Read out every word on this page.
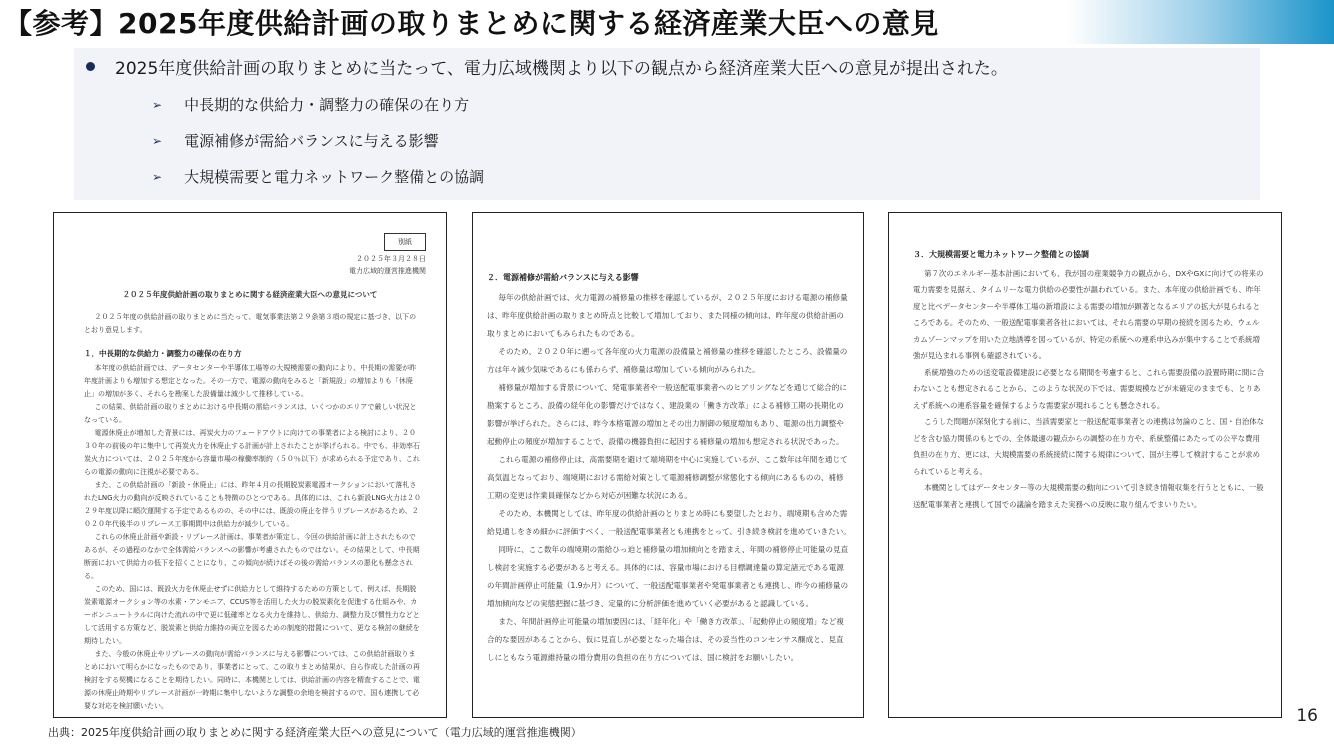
【参考】2025年度供給計画の取りまとめに関する経済産業大臣への意見
2025年度供給計画の取りまとめに当たって、電力広域機関より以下の観点から経済産業大臣への意見が提出された。
➢ 中長期的な供給力・調整力の確保の在り方
➢ 電源補修が需給バランスに与える影響
➢ 大規模需要と電力ネットワーク整備との協調
別紙
２０２５年３月２８日
電力広域的運営推進機関
２０２５年度供給計画の取りまとめに関する経済産業大臣への意見について

２０２５年度の供給計画の取りまとめに当たって、電気事業法第２９条第３項の規定に基づき、以下のとおり意見します。

１．中長期的な供給力・調整力の確保の在り方

本年度の供給計画では、データセンターや半導体工場等の大規模需要の動向により、中長期の需要が昨年度計画よりも増加する想定となった。その一方で、電源の動向をみると「新規設」の増加よりも「休廃止」の増加が多く、それらを勘案した設備量は減少して推移している。

この結果、供給計画の取りまとめにおける中長期の需給バランスは、いくつかのエリアで厳しい状況となっている。

電源休廃止が増加した背景には、再炭火力のフェードアウトに向けての事業者による検討により、２０３０年の前後の年に集中して再炭火力を休廃止する計画が計上されたことが挙げられる。中でも、非効率石炭火力については、２０２５年度から容量市場の稼働率制約（５０％以下）が求められる予定であり、これらの電源の動向に注視が必要である。

また、この供給計画の「新設・休廃止」には、昨年４月の長期脱炭素電源オークションにおいて落札されたLNG火力の動向が反映されていることも特徴のひとつである。具体的には、これら新設LNG火力は２０２９年度以降に順次運開する予定であるものの、その中には、既設の廃止を伴うリプレースがあるため、２０２０年代後半のリプレース工事期間中は供給力が減少している。

これらの休廃止計画や新設・リプレース計画は、事業者が策定し、今回の供給計画に計上されたものであるが、その過程のなかで全体需給バランスへの影響が考慮されたものではない。その結果として、中長期断面において供給力の低下を招くことになり、この傾向が続けばその後の需給バランスの悪化も懸念される。

このため、国には、既設火力を休廃止せずに供給力として維持するための方策として、例えば、長期脱炭素電源オークション等の水素・アンモニア、CCUS等を活用した火力の脱炭素化を促進する仕組みや、カーボンニュートラルに向けた流れの中で更に低確率となる火力を維持し、供給力、調整力及び慣性力などとして活用する方策など、脱炭素と供給力維持の両立を図るための制度的措置について、更なる検討の継続を期待したい。

また、今般の休廃止やリプレースの動向が需給バランスに与える影響については、この供給計画取りまとめにおいて明らかになったものであり、事業者にとって、この取りまとめ結果が、自ら作成した計画の再検討をする契機になることを期待したい。同時に、本機関としては、供給計画の内容を精査することで、電源の休廃止時期やリプレース計画が一時期に集中しないような調整の余地を検討するので、国も連携して必要な対応を検討願いたい。

２．電源補修が需給バランスに与える影響

毎年の供給計画では、火力電源の補修量の推移を確認しているが、２０２５年度における電源の補修量は、昨年度供給計画の取りまとめ時点と比較して増加しており、また同様の傾向は、昨年度の供給計画の取りまとめにおいてもみられたものである。

そのため、２０２０年に遡って各年度の火力電源の設備量と補修量の推移を確認したところ、設備量の方は年々減少気味であるにも係わらず、補修量は増加している傾向がみられた。

補修量が増加する背景について、発電事業者や一般送配電事業者へのヒアリングなどを通じて総合的に勘案するところ、設備の経年化の影響だけではなく、建設業の「働き方改革」による補修工期の長期化の影響が挙げられた。さらには、昨今本格電源の増加とその出力制御の頻度増加もあり、電源の出力調整や起動停止の頻度が増加することで、設備の機器負担に起因する補修量の増加も想定される状況であった。

これら電源の補修停止は、高需要期を避けて端境期を中心に実施しているが、ここ数年は年間を通じて高気温となっており、端境期における需給対策として電源補修調整が常態化する傾向にあるものの、補修工期の変更は作業員確保などから対応が困難な状況にある。

そのため、本機関としては、昨年度の供給計画のとりまとめ時にも要望したとおり、端境期も含めた需給見通しをきめ細かに評価すべく、一般送配電事業者とも連携をとって、引き続き検討を進めていきたい。

同時に、ここ数年の端境期の需給ひっ迫と補修量の増加傾向とを踏まえ、年間の補修停止可能量の見直し検討を実施する必要があると考える。具体的には、容量市場における目標調達量の算定諸元である電源の年間計画停止可能量（1.9か月）について、一般送配電事業者や発電事業者とも連携し、昨今の補修量の増加傾向などの実態把握に基づき、定量的に分析評価を進めていく必要があると認識している。

また、年間計画停止可能量の増加要因には、「経年化」や「働き方改革」、「起動停止の頻度増」など複合的な要因があることから、仮に見直しが必要となった場合は、その妥当性のコンセンサス醸成と、見直しにともなう電源維持量の増分費用の負担の在り方については、国に検討をお願いしたい。

３．大規模需要と電力ネットワーク整備との協調

第７次のエネルギー基本計画においても、我が国の産業競争力の観点から、DXやGXに向けての将来の電力需要を見据え、タイムリーな電力供給の必要性が謳われている。また、本年度の供給計画でも、昨年度と比べデータセンターや半導体工場の新増設による需要の増加が顕著となるエリアの拡大が見られるところである。そのため、一般送配電事業者各社においては、それら需要の早期の接続を図るため、ウェルカムゾーンマップを用いた立地誘導を図っているが、特定の系統への連系申込みが集中することで系統増強が見込まれる事例も確認されている。

系統増強のための送変電設備建設に必要となる期間を考慮すると、これら需要設備の設置時期に間に合わないことも想定されることから、このような状況の下では、需要規模などが未確定のままでも、とりあえず系統への連系容量を確保するような需要家が現れることも懸念される。

こうした問題が深刻化する前に、当該需要家と一般送配電事業者との連携は勿論のこと、国・自治体などを含む協力関係のもとでの、全体最適の観点からの調整の在り方や、系統整備にあたっての公平な費用負担の在り方、更には、大規模需要の系統接続に関する規律について、国が主導して検討することが求められていると考える。

本機関としてはデータセンター等の大規模需要の動向について引き続き情報収集を行うとともに、一般送配電事業者と連携して国での議論を踏まえた実務への反映に取り組んでまいりたい。

16
出典：2025年度供給計画の取りまとめに関する経済産業大臣への意見について（電力広域的運営推進機関）
